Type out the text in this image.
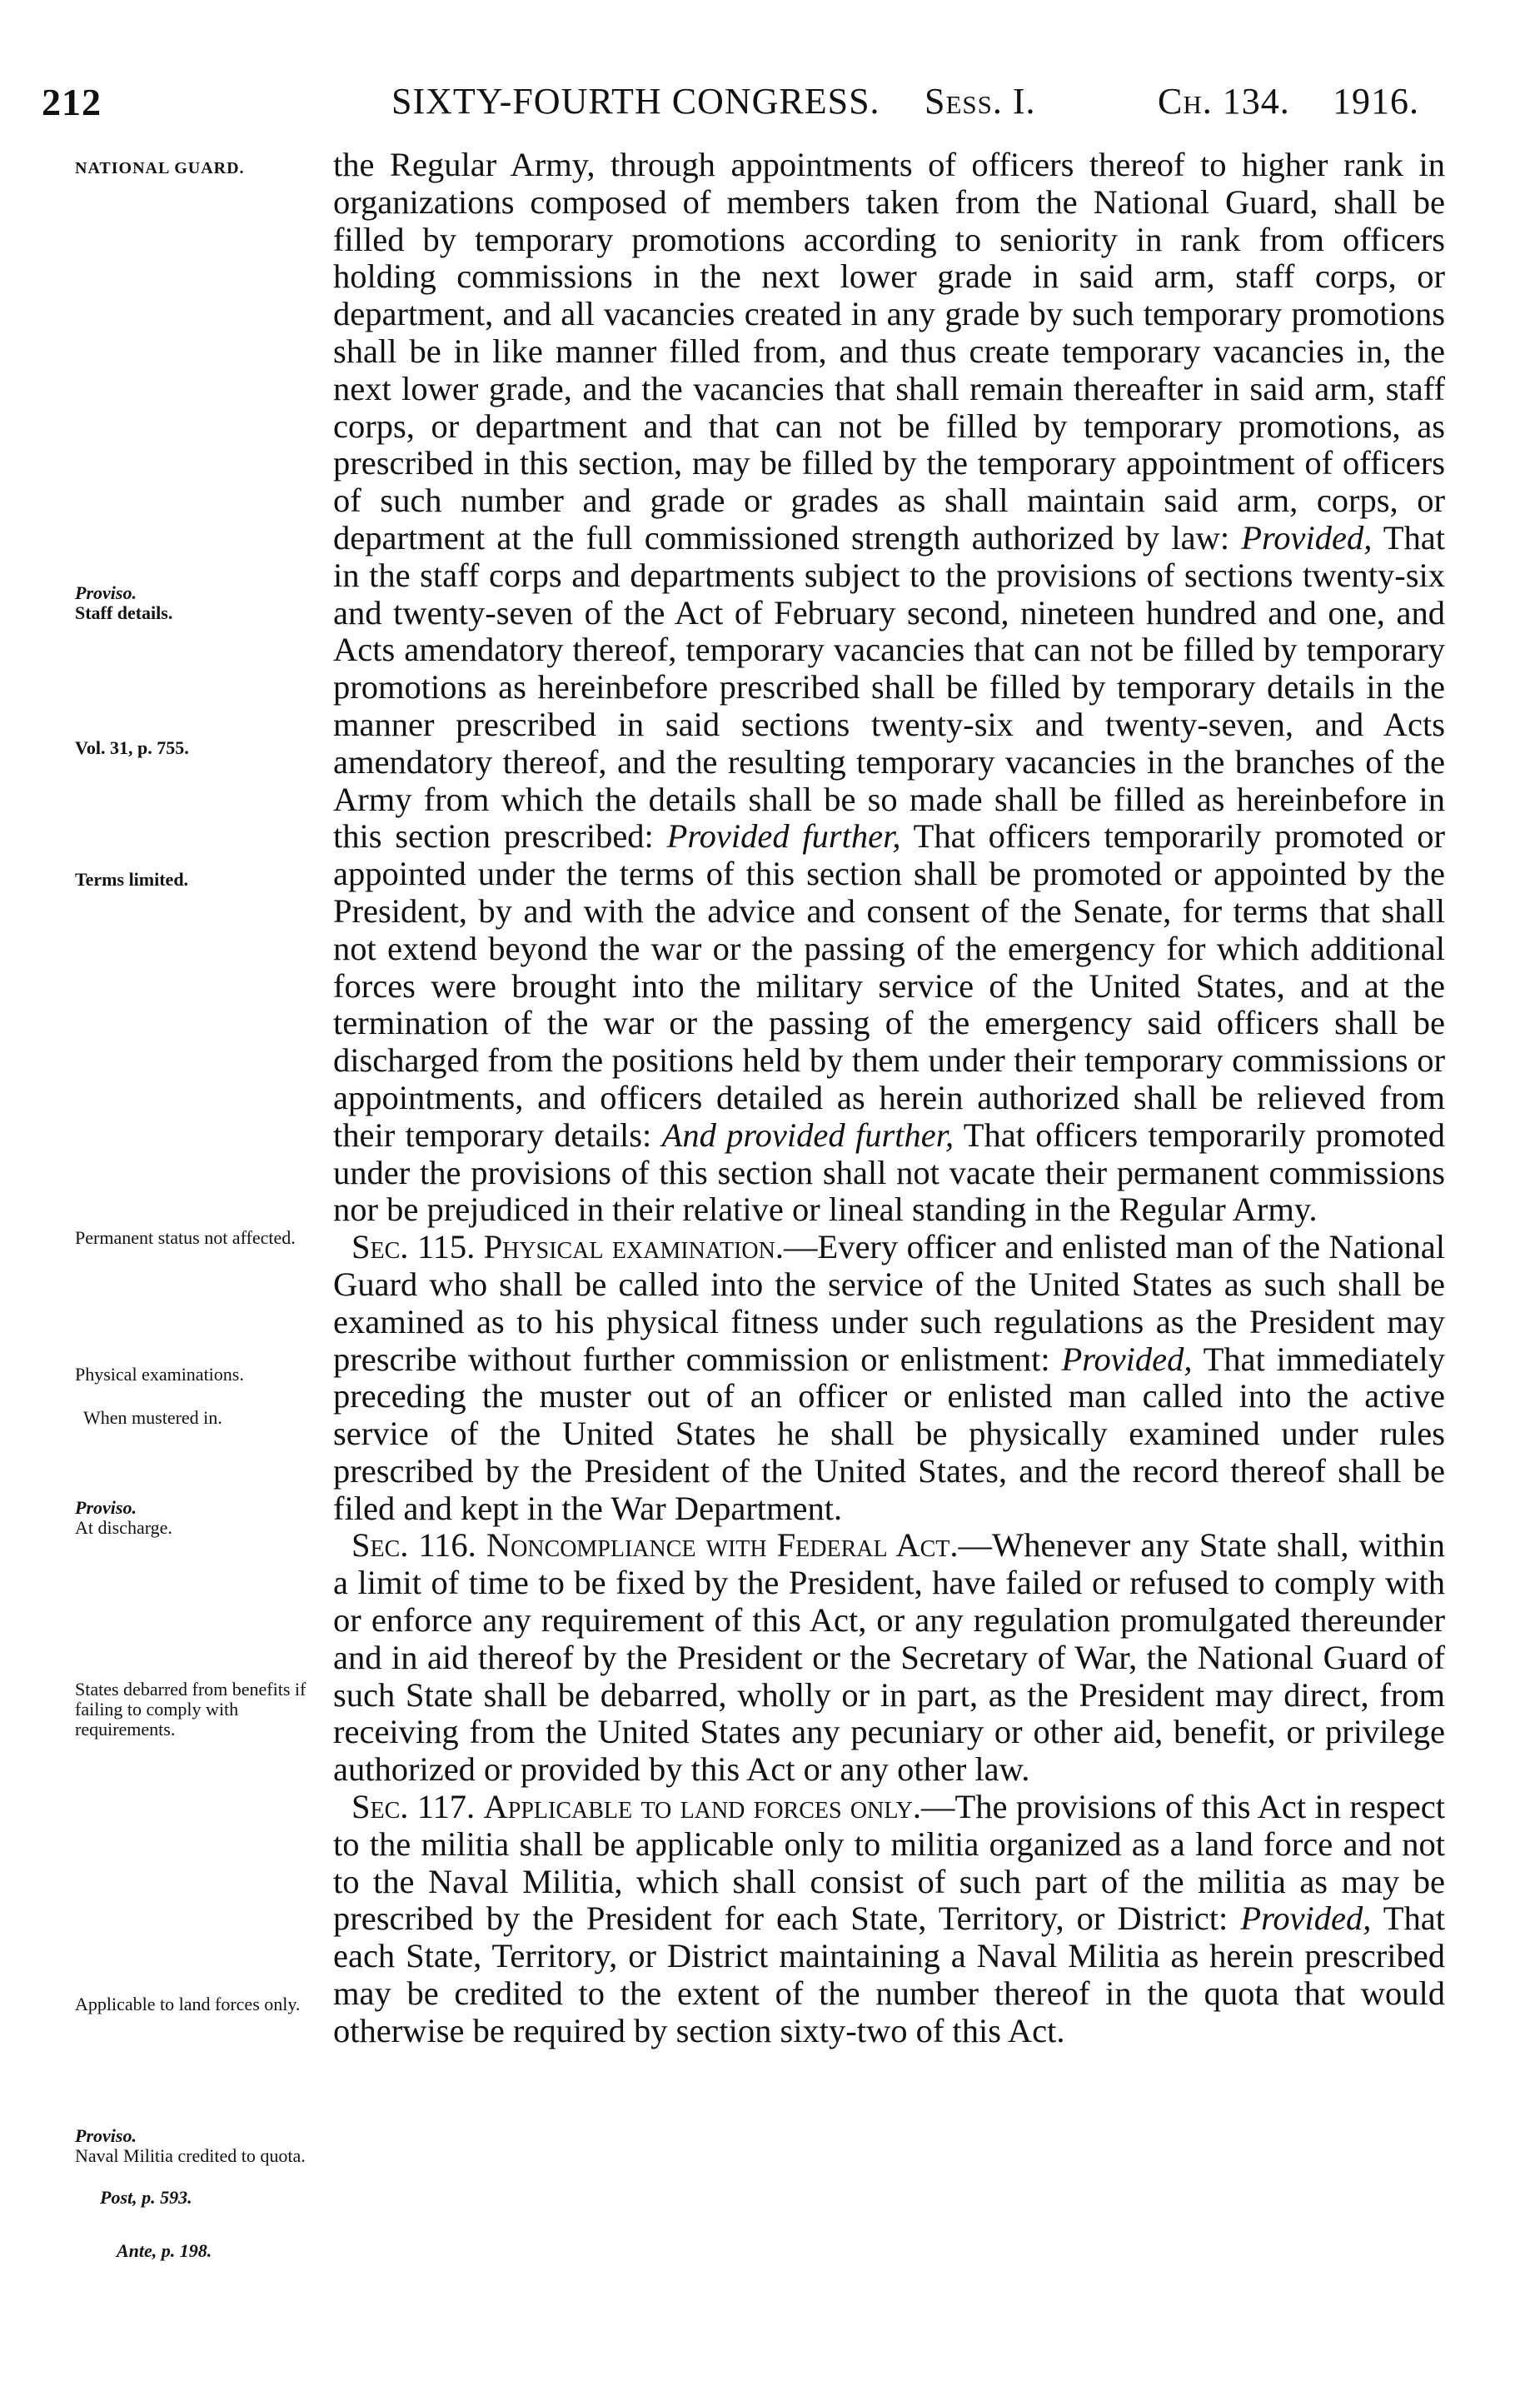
212	SIXTY-FOURTH CONGRESS. Sess. I.	Ch. 134. 1916.
NATIONAL GUARD.
Proviso.
Staff details.
Vol. 31, p. 755.
Terms limited.
Permanent status not affected.
Physical examinations.
When mustered in.
Proviso.
At discharge.
States debarred from benefits if failing to comply with requirements.
Applicable to land forces only.
Proviso.
Naval Militia credited to quota.
Post, p. 593.
Ante, p. 198.

the Regular Army, through appointments of officers thereof to higher rank in organizations composed of members taken from the National Guard, shall be filled by temporary promotions according to seniority in rank from officers holding commissions in the next lower grade in said arm, staff corps, or department, and all vacancies created in any grade by such temporary promotions shall be in like manner filled from, and thus create temporary vacancies in, the next lower grade, and the vacancies that shall remain thereafter in said arm, staff corps, or department and that can not be filled by temporary promotions, as prescribed in this section, may be filled by the temporary appointment of officers of such number and grade or grades as shall maintain said arm, corps, or department at the full commissioned strength authorized by law: Provided, That in the staff corps and departments subject to the provisions of sections twenty-six and twenty-seven of the Act of February second, nineteen hundred and one, and Acts amendatory thereof, temporary vacancies that can not be filled by temporary promotions as hereinbefore prescribed shall be filled by temporary details in the manner prescribed in said sections twenty-six and twenty-seven, and Acts amendatory thereof, and the resulting temporary vacancies in the branches of the Army from which the details shall be so made shall be filled as hereinbefore in this section prescribed: Provided further, That officers temporarily promoted or appointed under the terms of this section shall be promoted or appointed by the President, by and with the advice and consent of the Senate, for terms that shall not extend beyond the war or the passing of the emergency for which additional forces were brought into the military service of the United States, and at the termination of the war or the passing of the emergency said officers shall be discharged from the positions held by them under their temporary commissions or appointments, and officers detailed as herein authorized shall be relieved from their temporary details: And provided further, That officers temporarily promoted under the provisions of this section shall not vacate their permanent commissions nor be prejudiced in their relative or lineal standing in the Regular Army.

Sec. 115. Physical examination.—Every officer and enlisted man of the National Guard who shall be called into the service of the United States as such shall be examined as to his physical fitness under such regulations as the President may prescribe without further commission or enlistment: Provided, That immediately preceding the muster out of an officer or enlisted man called into the active service of the United States he shall be physically examined under rules prescribed by the President of the United States, and the record thereof shall be filed and kept in the War Department.

Sec. 116. Noncompliance with Federal Act.—Whenever any State shall, within a limit of time to be fixed by the President, have failed or refused to comply with or enforce any requirement of this Act, or any regulation promulgated thereunder and in aid thereof by the President or the Secretary of War, the National Guard of such State shall be debarred, wholly or in part, as the President may direct, from receiving from the United States any pecuniary or other aid, benefit, or privilege authorized or provided by this Act or any other law.

Sec. 117. Applicable to land forces only.—The provisions of this Act in respect to the militia shall be applicable only to militia organized as a land force and not to the Naval Militia, which shall consist of such part of the militia as may be prescribed by the President for each State, Territory, or District: Provided, That each State, Territory, or District maintaining a Naval Militia as herein prescribed may be credited to the extent of the number thereof in the quota that would otherwise be required by section sixty-two of this Act.
